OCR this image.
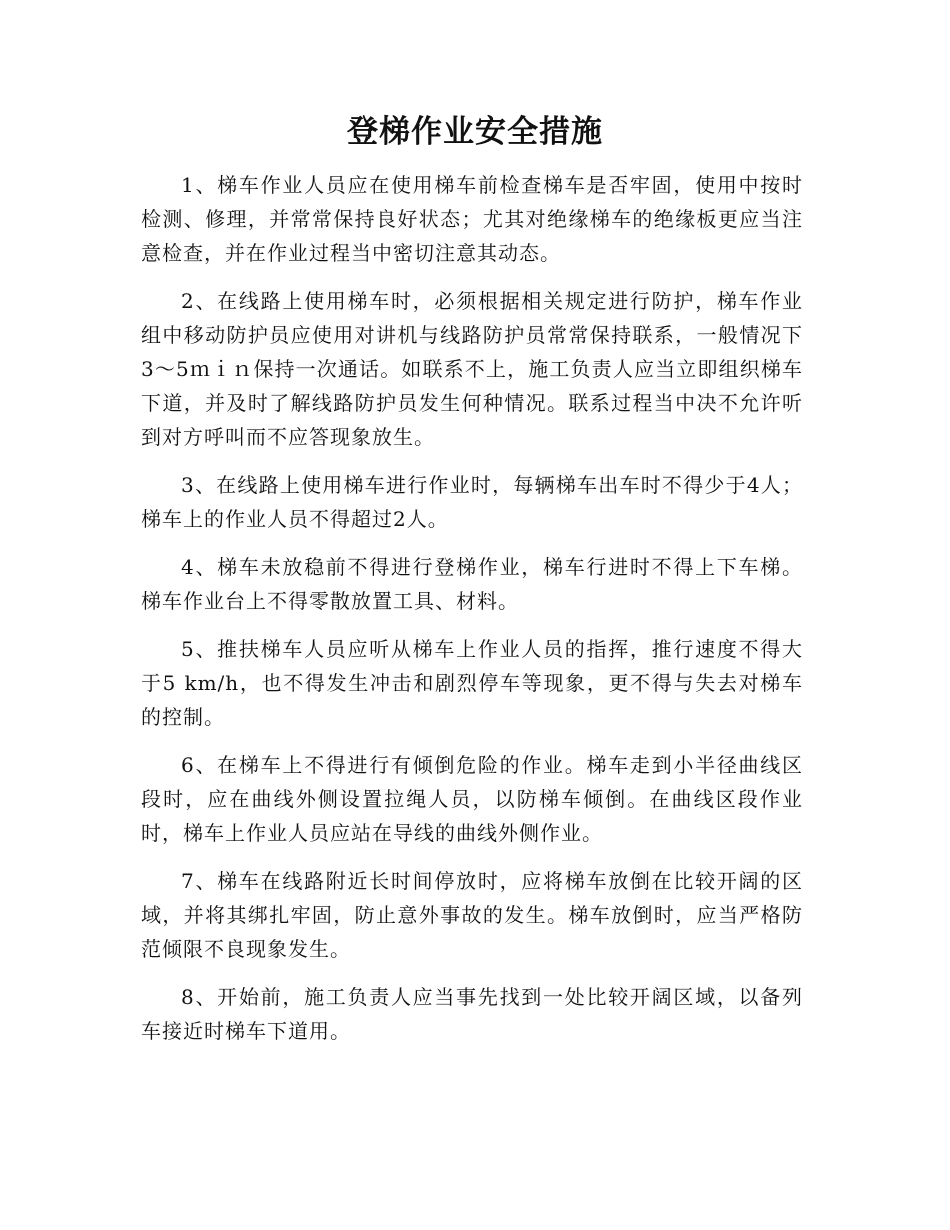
登梯作业安全措施

1、梯车作业人员应在使用梯车前检查梯车是否牢固，使用中按时检测、修理，并常常保持良好状态；尤其对绝缘梯车的绝缘板更应当注意检查，并在作业过程当中密切注意其动态。

2、在线路上使用梯车时，必须根据相关规定进行防护，梯车作业组中移动防护员应使用对讲机与线路防护员常常保持联系，一般情况下3～5ｍｉｎ保持一次通话。如联系不上，施工负责人应当立即组织梯车下道，并及时了解线路防护员发生何种情况。联系过程当中决不允许听到对方呼叫而不应答现象放生。

3、在线路上使用梯车进行作业时，每辆梯车出车时不得少于4人；梯车上的作业人员不得超过2人。

4、梯车未放稳前不得进行登梯作业，梯车行进时不得上下车梯。梯车作业台上不得零散放置工具、材料。

5、推扶梯车人员应听从梯车上作业人员的指挥，推行速度不得大于5 km/h，也不得发生冲击和剧烈停车等现象，更不得与失去对梯车的控制。

6、在梯车上不得进行有倾倒危险的作业。梯车走到小半径曲线区段时，应在曲线外侧设置拉绳人员，以防梯车倾倒。在曲线区段作业时，梯车上作业人员应站在导线的曲线外侧作业。

7、梯车在线路附近长时间停放时，应将梯车放倒在比较开阔的区域，并将其绑扎牢固，防止意外事故的发生。梯车放倒时，应当严格防范倾限不良现象发生。

8、开始前，施工负责人应当事先找到一处比较开阔区域，以备列车接近时梯车下道用。
